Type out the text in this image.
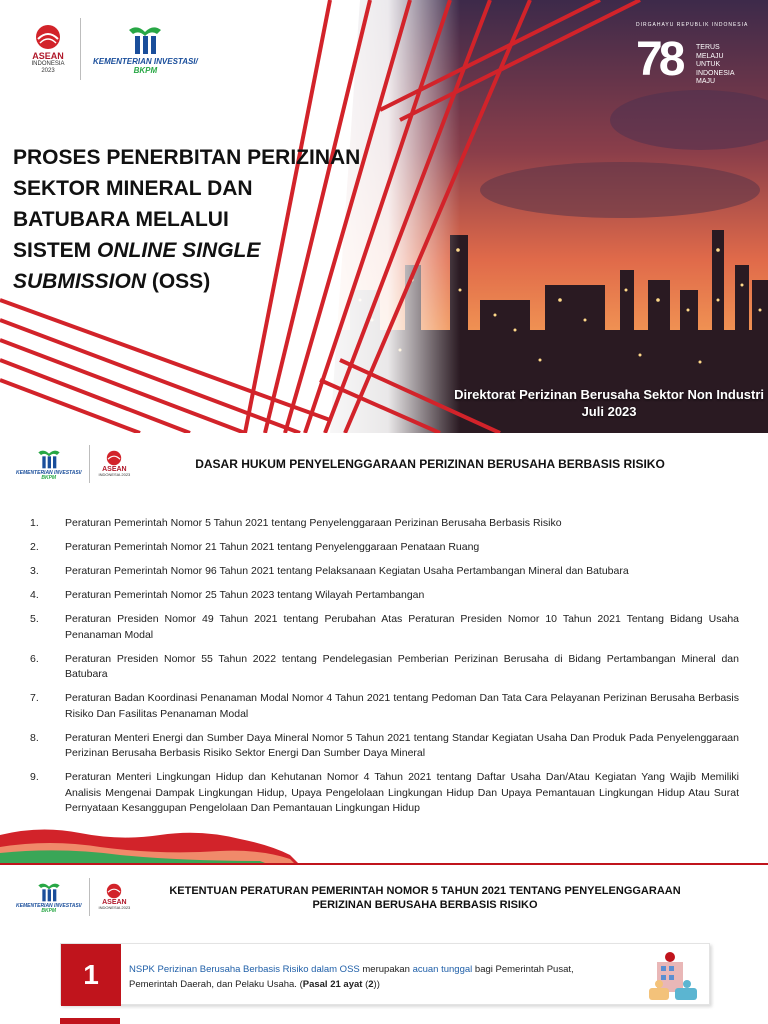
ASEAN
INDONESIA
2023
KEMENTERIAN INVESTASI/
BKPM
PROSES PENERBITAN PERIZINAN
SEKTOR MINERAL DAN
BATUBARA MELALUI
SISTEM ONLINE SINGLE
SUBMISSION (OSS)
DIRGAHAYU REPUBLIK INDONESIA
78 TERUS
MELAJU
UNTUK
INDONESIA
MAJU
Direktorat Perizinan Berusaha Sektor Non Industri
Juli 2023
KEMENTERIAN INVESTASI/
BKPM
ASEAN
INDONESIA 2023
DASAR HUKUM PENYELENGGARAAN PERIZINAN BERUSAHA BERBASIS RISIKO
1.	Peraturan Pemerintah Nomor 5 Tahun 2021 tentang Penyelenggaraan Perizinan Berusaha Berbasis Risiko
2.	Peraturan Pemerintah Nomor 21 Tahun 2021 tentang Penyelenggaraan Penataan Ruang
3.	Peraturan Pemerintah Nomor 96 Tahun 2021 tentang Pelaksanaan Kegiatan Usaha Pertambangan Mineral dan Batubara
4.	Peraturan Pemerintah Nomor 25 Tahun 2023 tentang Wilayah Pertambangan
5.	Peraturan Presiden Nomor 49 Tahun 2021 tentang Perubahan Atas Peraturan Presiden Nomor 10 Tahun 2021 Tentang Bidang Usaha Penanaman Modal
6.	Peraturan Presiden Nomor 55 Tahun 2022 tentang Pendelegasian Pemberian Perizinan Berusaha di Bidang Pertambangan Mineral dan Batubara
7.	Peraturan Badan Koordinasi Penanaman Modal Nomor 4 Tahun 2021 tentang Pedoman Dan Tata Cara Pelayanan Perizinan Berusaha Berbasis Risiko Dan Fasilitas Penanaman Modal
8.	Peraturan Menteri Energi dan Sumber Daya Mineral Nomor 5 Tahun 2021 tentang Standar Kegiatan Usaha Dan Produk Pada Penyelenggaraan Perizinan Berusaha Berbasis Risiko Sektor Energi Dan Sumber Daya Mineral
9.	Peraturan Menteri Lingkungan Hidup dan Kehutanan Nomor 4 Tahun 2021 tentang Daftar Usaha Dan/Atau Kegiatan Yang Wajib Memiliki Analisis Mengenai Dampak Lingkungan Hidup, Upaya Pengelolaan Lingkungan Hidup Dan Upaya Pemantauan Lingkungan Hidup Atau Surat Pernyataan Kesanggupan Pengelolaan Dan Pemantauan Lingkungan Hidup
KEMENTERIAN INVESTASI/
BKPM
ASEAN
INDONESIA 2023
KETENTUAN PERATURAN PEMERINTAH NOMOR 5 TAHUN 2021 TENTANG PENYELENGGARAAN
PERIZINAN BERUSAHA BERBASIS RISIKO
1	NSPK Perizinan Berusaha Berbasis Risiko dalam OSS merupakan acuan tunggal bagi Pemerintah Pusat, Pemerintah Daerah, dan Pelaku Usaha. (Pasal 21 ayat (2))
